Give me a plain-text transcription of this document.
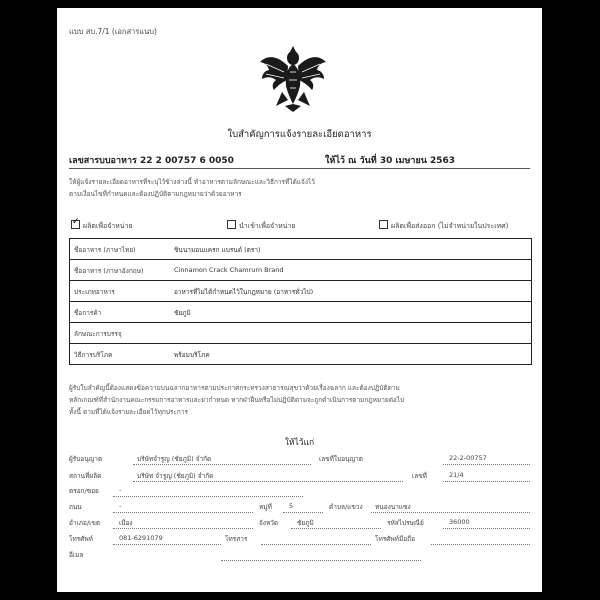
แบบ สบ.7/1 (เอกสารแนบ)
ใบสำคัญการแจ้งรายละเอียดอาหาร
เลขสารบบอาหาร 22 2 00757 6 0050	ให้ไว้ ณ วันที่ 30 เมษายน 2563
ให้ผู้แจ้งรายละเอียดอาหารที่ระบุไว้ข้างล่างนี้ ทำอาหารตามลักษณะและวิธีการที่ได้แจ้งไว้
ตามเงื่อนไขที่กำหนดและต้องปฏิบัติตามกฎหมายว่าด้วยอาหาร
✓ผลิตเพื่อจำหน่าย	นำเข้าเพื่อจำหน่าย	ผลิตเพื่อส่งออก (ไม่จำหน่ายในประเทศ)
ชื่ออาหาร (ภาษาไทย)	ชินนามอนแครก แบรนด์ (ตรา)
ชื่ออาหาร (ภาษาอังกฤษ)	Cinnamon Crack Chamrurn Brand
ประเภทอาหาร	อาหารที่ไม่ได้กำหนดไว้ในกฎหมาย (อาหารทั่วไป)
ชื่อการค้า	ชัยภูมิ
ลักษณะการบรรจุ
วิธีการบริโภค	พร้อมบริโภค
ผู้รับใบสำคัญนี้ต้องแสดงข้อความบนฉลากอาหารตามประกาศกระทรวงสาธารณสุขว่าด้วยเรื่องฉลาก และต้องปฏิบัติตาม
หลักเกณฑ์ที่สำนักงานคณะกรรมการอาหารและยากำหนด หากฝ่าฝืนหรือไม่ปฏิบัติตามจะถูกดำเนินการตามกฎหมายต่อไป
ทั้งนี้ ตามที่ได้แจ้งรายละเอียดไว้ทุกประการ
ให้ไว้แก่
ผู้รับอนุญาต	บริษัทจำรูญ (ชัยภูมิ) จำกัด	เลขที่ใบอนุญาต	22-2-00757
สถานที่ผลิต	บริษัท จำรูญ (ชัยภูมิ) จำกัด	เลขที่	21/4
ตรอก/ซอย	-
ถนน	-	หมู่ที่	5	ตำบล/แขวง หนองนาแซง
อำเภอ/เขต	เมือง	จังหวัด	ชัยภูมิ	รหัสไปรษณีย์	36000
โทรศัพท์	081-6291079	โทรสาร	โทรศัพท์มือถือ
อีเมล
